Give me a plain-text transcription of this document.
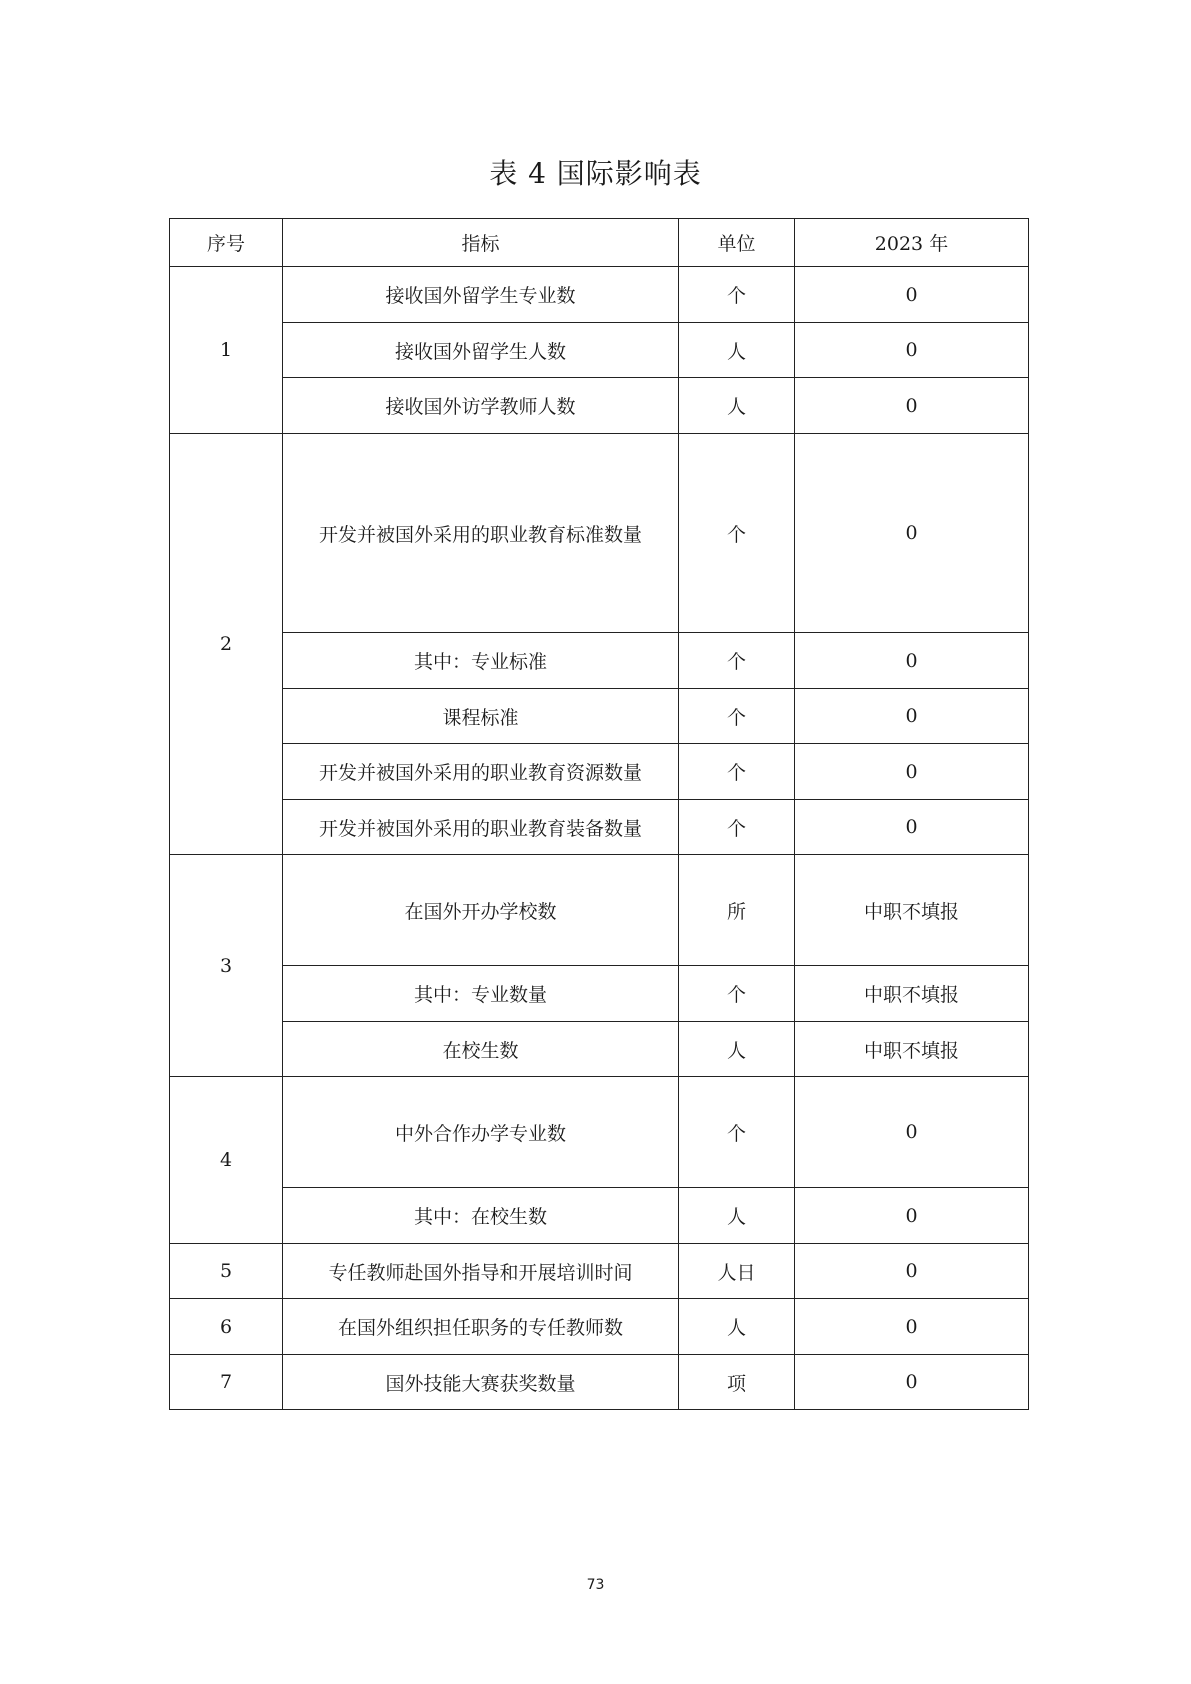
表 4 国际影响表
序号	指标	单位	2023 年
1	接收国外留学生专业数	个	0
	接收国外留学生人数	人	0
	接收国外访学教师人数	人	0
2	开发并被国外采用的职业教育标准数量	个	0
	其中：专业标准	个	0
	课程标准	个	0
	开发并被国外采用的职业教育资源数量	个	0
	开发并被国外采用的职业教育装备数量	个	0
3	在国外开办学校数	所	中职不填报
	其中：专业数量	个	中职不填报
	在校生数	人	中职不填报
4	中外合作办学专业数	个	0
	其中：在校生数	人	0
5	专任教师赴国外指导和开展培训时间	人日	0
6	在国外组织担任职务的专任教师数	人	0
7	国外技能大赛获奖数量	项	0
73
